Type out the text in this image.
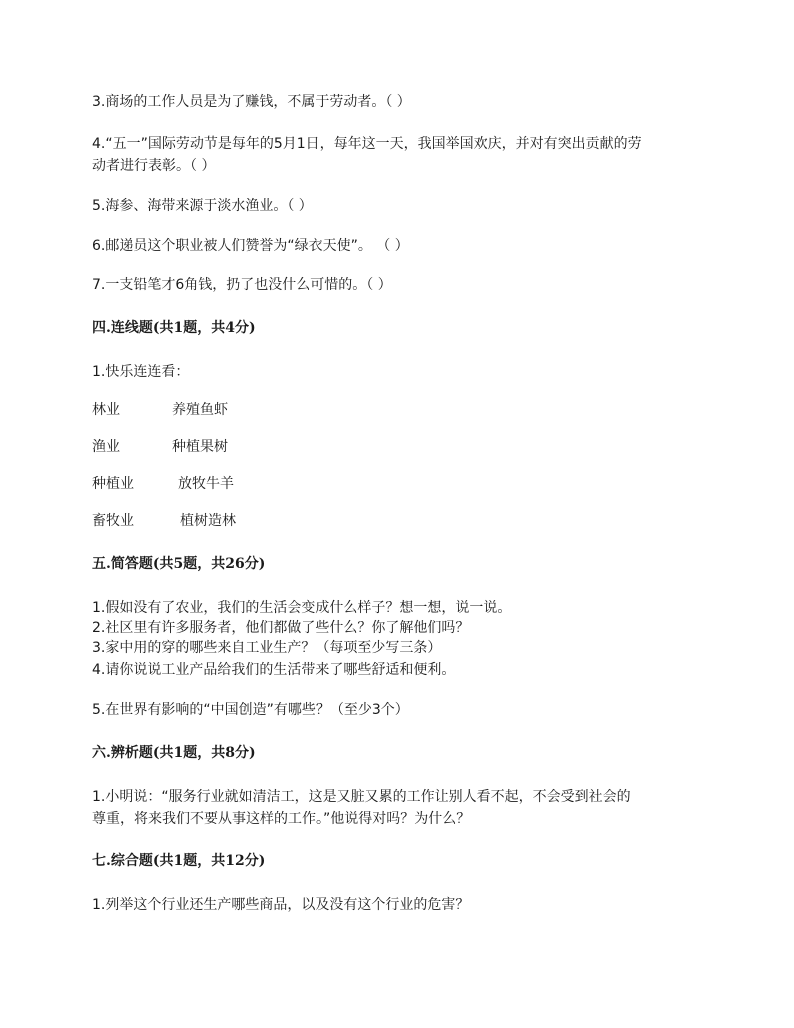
3.商场的工作人员是为了赚钱，不属于劳动者。（ ）
4.“五一”国际劳动节是每年的5月1日，每年这一天，我国举国欢庆，并对有突出贡献的劳
动者进行表彰。（ ）
5.海参、海带来源于淡水渔业。（ ）
6.邮递员这个职业被人们赞誉为“绿衣天使”。 （ ）
7.一支铅笔才6角钱，扔了也没什么可惜的。（ ）
四.连线题(共1题，共4分)
1.快乐连连看：
林业	养殖鱼虾
渔业	种植果树
种植业	放牧牛羊
畜牧业	植树造林
五.简答题(共5题，共26分)
1.假如没有了农业，我们的生活会变成什么样子？想一想，说一说。
2.社区里有许多服务者，他们都做了些什么？你了解他们吗？
3.家中用的穿的哪些来自工业生产？（每项至少写三条）
4.请你说说工业产品给我们的生活带来了哪些舒适和便利。
5.在世界有影响的“中国创造”有哪些？（至少3个）
六.辨析题(共1题，共8分)
1.小明说：“服务行业就如清洁工，这是又脏又累的工作让别人看不起，不会受到社会的
尊重，将来我们不要从事这样的工作。”他说得对吗？为什么？
七.综合题(共1题，共12分)
1.列举这个行业还生产哪些商品，以及没有这个行业的危害？
